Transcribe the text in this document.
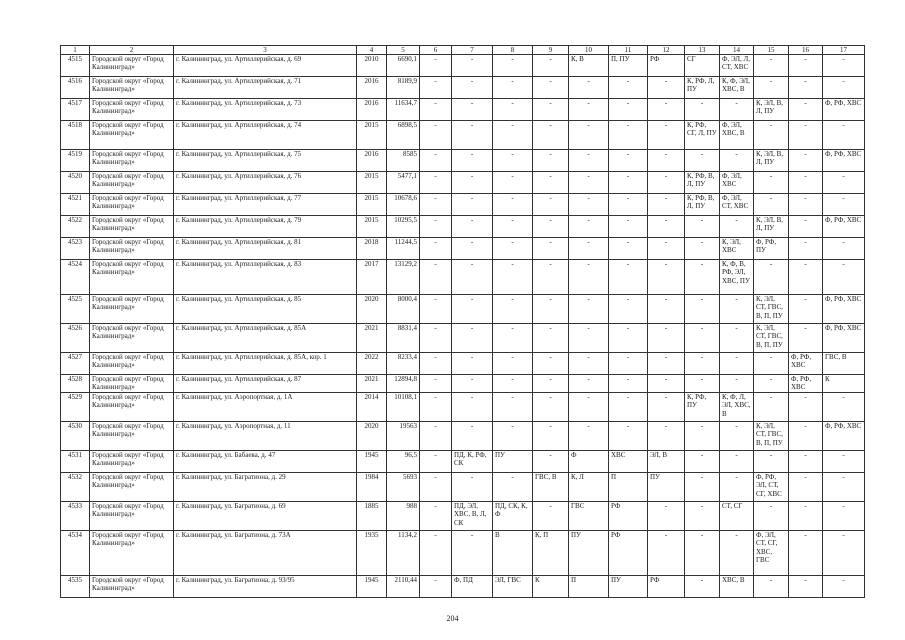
1	2	3	4	5	6	7	8	9	10	11	12	13	14	15	16	17
4515	Городской округ «Город Калининград»	г. Калининград, ул. Артиллерийская, д. 69	2010	6690,1	-	-	-	-	К, В	П, ПУ	РФ	СГ	Ф, ЭЛ, Л, СТ, ХВС	-	-	-
4516	Городской округ «Город Калининград»	г. Калининград, ул. Артиллерийская, д. 71	2016	8189,9	-	-	-	-	-	-	-	К, РФ, Л, ПУ	К, Ф, ЭЛ, ХВС, В	-	-	-
4517	Городской округ «Город Калининград»	г. Калининград, ул. Артиллерийская, д. 73	2016	11634,7	-	-	-	-	-	-	-	-	-	К, ЭЛ, В, Л, ПУ	-	Ф, РФ, ХВС
4518	Городской округ «Город Калининград»	г. Калининград, ул. Артиллерийская, д. 74	2015	6898,5	-	-	-	-	-	-	-	К, РФ, СГ, Л, ПУ	Ф, ЭЛ, ХВС, В	-	-	-
4519	Городской округ «Город Калининград»	г. Калининград, ул. Артиллерийская, д. 75	2016	8585	-	-	-	-	-	-	-	-	-	К, ЭЛ, В, Л, ПУ	-	Ф, РФ, ХВС
4520	Городской округ «Город Калининград»	г. Калининград, ул. Артиллерийская, д. 76	2015	5477,1	-	-	-	-	-	-	-	К, РФ, В, Л, ПУ	Ф, ЭЛ, ХВС	-	-	-
4521	Городской округ «Город Калининград»	г. Калининград, ул. Артиллерийская, д. 77	2015	10678,6	-	-	-	-	-	-	-	К, РФ, В, Л, ПУ	Ф, ЭЛ, СТ, ХВС	-	-	-
4522	Городской округ «Город Калининград»	г. Калининград, ул. Артиллерийская, д. 79	2015	10295,5	-	-	-	-	-	-	-	-	-	К, ЭЛ, В, Л, ПУ	-	Ф, РФ, ХВС
4523	Городской округ «Город Калининград»	г. Калининград, ул. Артиллерийская, д. 81	2018	11244,5	-	-	-	-	-	-	-	-	К, ЭЛ, ХВС	Ф, РФ, ПУ	-	-
4524	Городской округ «Город Калининград»	г. Калининград, ул. Артиллерийская, д. 83	2017	13129,2	-	-	-	-	-	-	-	-	К, Ф, В, РФ, ЭЛ, ХВС, ПУ	-	-	-
4525	Городской округ «Город Калининград»	г. Калининград, ул. Артиллерийская, д. 85	2020	8000,4	-	-	-	-	-	-	-	-	-	К, ЭЛ, СТ, ГВС, В, П, ПУ	-	Ф, РФ, ХВС
4526	Городской округ «Город Калининград»	г. Калининград, ул. Артиллерийская, д. 85А	2021	8831,4	-	-	-	-	-	-	-	-	-	К, ЭЛ, СТ, ГВС, В, П, ПУ	-	Ф, РФ, ХВС
4527	Городской округ «Город Калининград»	г. Калининград, ул. Артиллерийская, д. 85А, кор. 1	2022	8233,4	-	-	-	-	-	-	-	-	-	-	Ф, РФ, ХВС	ГВС, В
4528	Городской округ «Город Калининград»	г. Калининград, ул. Артиллерийская, д. 87	2021	12894,8	-	-	-	-	-	-	-	-	-	-	Ф, РФ, ХВС	К
4529	Городской округ «Город Калининград»	г. Калининград, ул. Аэропортная, д. 1А	2014	10108,1	-	-	-	-	-	-	-	К, РФ, ПУ	К, Ф, Л, ЭЛ, ХВС, В	-	-	-
4530	Городской округ «Город Калининград»	г. Калининград, ул. Аэропортная, д. 11	2020	19563	-	-	-	-	-	-	-	-	-	К, ЭЛ, СТ, ГВС, В, П, ПУ	-	Ф, РФ, ХВС
4531	Городской округ «Город Калининград»	г. Калининград, ул. Бабаева, д. 47	1945	96,5	-	ПД, К, РФ, СК	ПУ	-	Ф	ХВС	ЭЛ, В	-	-	-	-	-
4532	Городской округ «Город Калининград»	г. Калининград, ул. Багратиона, д. 29	1984	5693	-	-	-	ГВС, В	К, Л	П	ПУ	-	-	Ф, РФ, ЭЛ, СТ, СГ, ХВС	-	-
4533	Городской округ «Город Калининград»	г. Калининград, ул. Багратиона, д. 69	1885	988	-	ПД, ЭЛ, ХВС, В, Л, СК	ПД, СК, К, Ф	-	ГВС	РФ	-	-	СТ, СГ	-	-	-
4534	Городской округ «Город Калининград»	г. Калининград, ул. Багратиона, д. 73А	1935	1134,2	-	-	В	К, П	ПУ	РФ	-	-	-	Ф, ЭЛ, СТ, СГ, ХВС, ГВС	-	-
4535	Городской округ «Город Калининград»	г. Калининград, ул. Багратиона, д. 93/95	1945	2110,44	-	Ф, ПД	ЭЛ, ГВС	К	П	ПУ	РФ	-	ХВС, В	-	-	-
204
